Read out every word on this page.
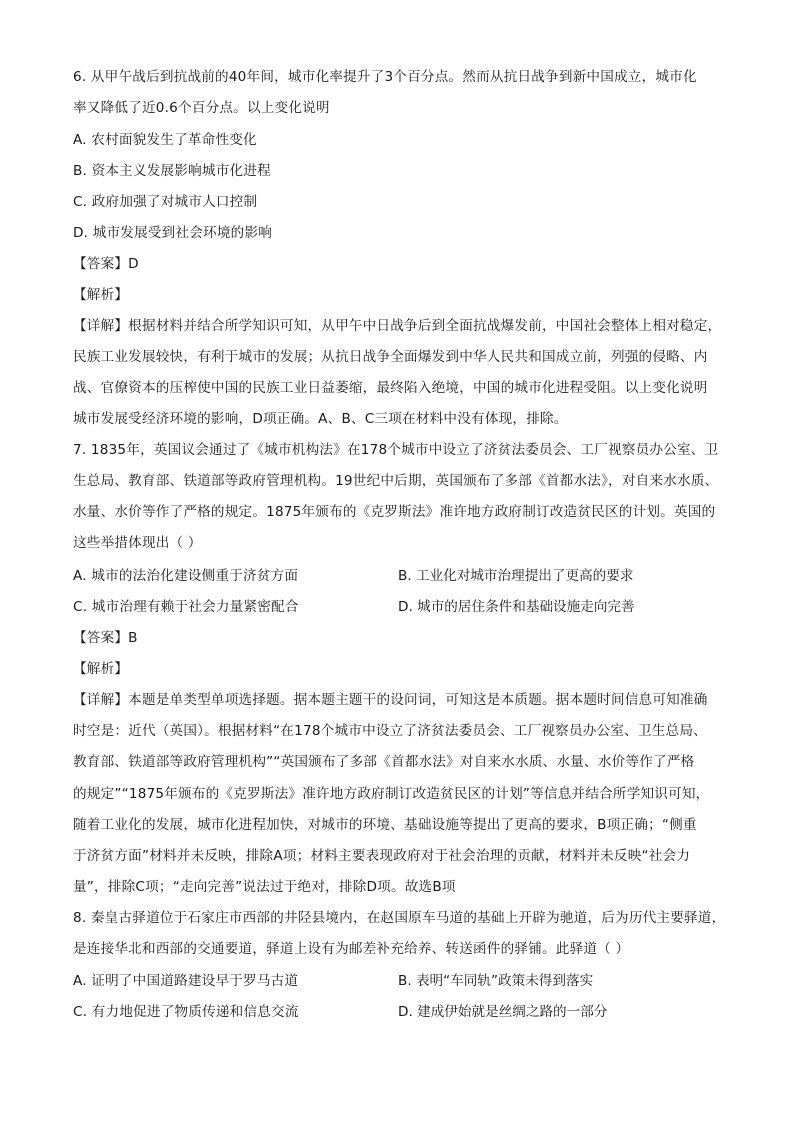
6. 从甲午战后到抗战前的40年间，城市化率提升了3个百分点。然而从抗日战争到新中国成立，城市化
率又降低了近0.6个百分点。以上变化说明
A. 农村面貌发生了革命性变化
B. 资本主义发展影响城市化进程
C. 政府加强了对城市人口控制
D. 城市发展受到社会环境的影响
【答案】D
【解析】
【详解】根据材料并结合所学知识可知，从甲午中日战争后到全面抗战爆发前，中国社会整体上相对稳定，
民族工业发展较快，有利于城市的发展；从抗日战争全面爆发到中华人民共和国成立前，列强的侵略、内
战、官僚资本的压榨使中国的民族工业日益萎缩，最终陷入绝境，中国的城市化进程受阻。以上变化说明
城市发展受经济环境的影响，D项正确。A、B、C三项在材料中没有体现，排除。
7. 1835年，英国议会通过了《城市机构法》在178个城市中设立了济贫法委员会、工厂视察员办公室、卫
生总局、教育部、铁道部等政府管理机构。19世纪中后期，英国颁布了多部《首都水法》，对自来水水质、
水量、水价等作了严格的规定。1875年颁布的《克罗斯法》准许地方政府制订改造贫民区的计划。英国的
这些举措体现出（ ）
A. 城市的法治化建设侧重于济贫方面	B. 工业化对城市治理提出了更高的要求
C. 城市治理有赖于社会力量紧密配合	D. 城市的居住条件和基础设施走向完善
【答案】B
【解析】
【详解】本题是单类型单项选择题。据本题主题干的设问词，可知这是本质题。据本题时间信息可知准确
时空是：近代（英国）。根据材料“在178个城市中设立了济贫法委员会、工厂视察员办公室、卫生总局、
教育部、铁道部等政府管理机构”“英国颁布了多部《首都水法》对自来水水质、水量、水价等作了严格
的规定”“1875年颁布的《克罗斯法》准许地方政府制订改造贫民区的计划”等信息并结合所学知识可知，
随着工业化的发展，城市化进程加快，对城市的环境、基础设施等提出了更高的要求，B项正确；“侧重
于济贫方面”材料并未反映，排除A项；材料主要表现政府对于社会治理的贡献，材料并未反映“社会力
量”，排除C项；“走向完善”说法过于绝对，排除D项。故选B项
8. 秦皇古驿道位于石家庄市西部的井陉县境内，在赵国原车马道的基础上开辟为驰道，后为历代主要驿道，
是连接华北和西部的交通要道，驿道上设有为邮差补充给养、转送函件的驿铺。此驿道（ ）
A. 证明了中国道路建设早于罗马古道	B. 表明“车同轨”政策未得到落实
C. 有力地促进了物质传递和信息交流	D. 建成伊始就是丝绸之路的一部分
